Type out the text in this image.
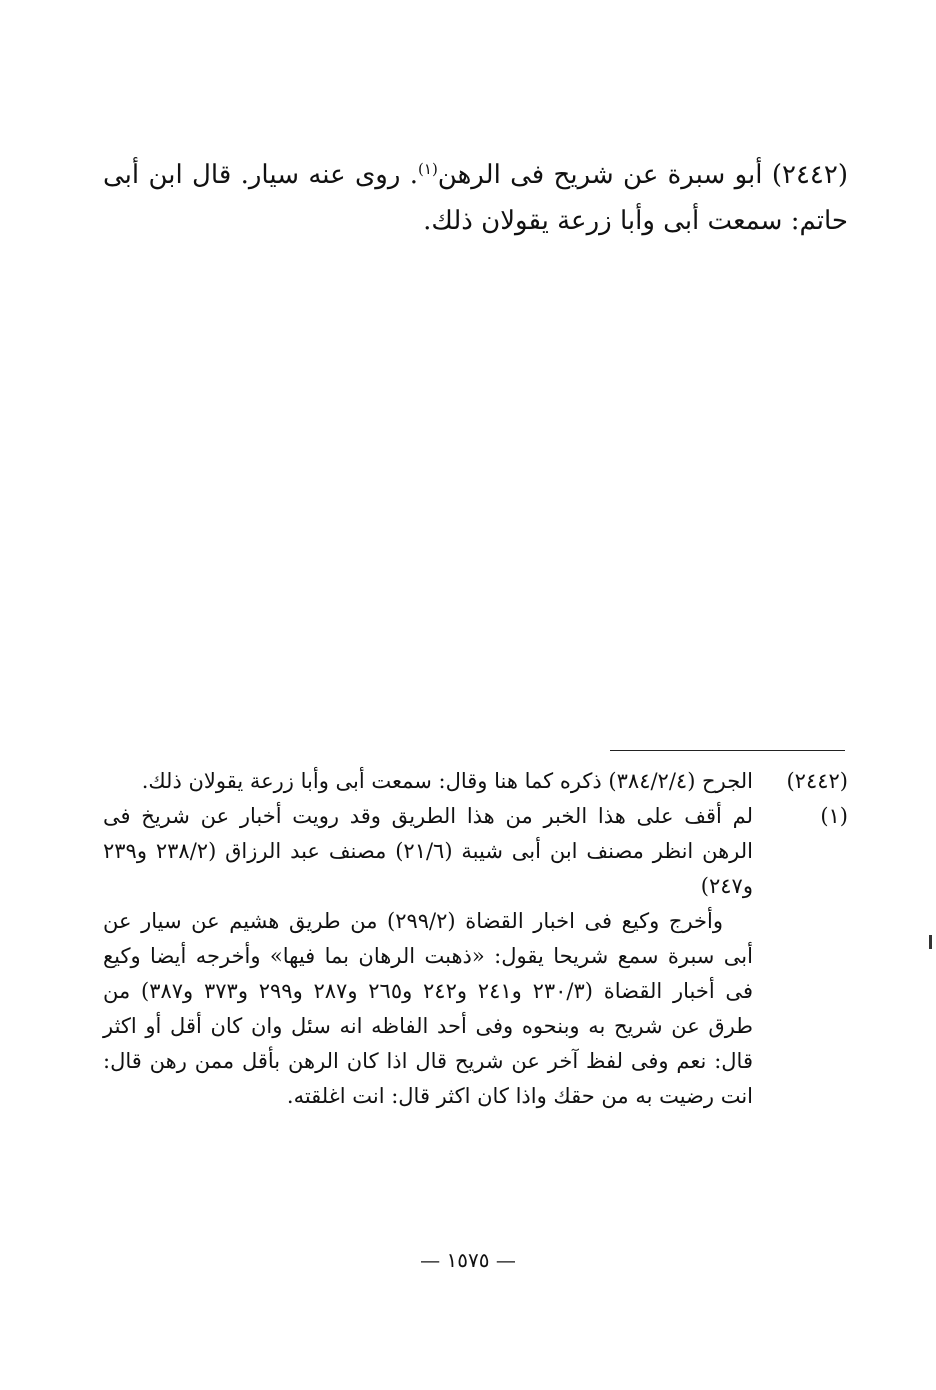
(٢٤٤٢) أبو سبرة عن شريح فى الرهن$^{(١)}$. روى عنه سيار. قال ابن أبى حاتم: سمعت أبى وأبا زرعة يقولان ذلك.

(٢٤٤٢)

الجرح (٣٨٤/٢/٤) ذكره كما هنا وقال: سمعت أبى وأبا زرعة يقولان ذلك.

(١)

لم أقف على هذا الخبر من هذا الطريق وقد رويت أخبار عن شريخ فى الرهن انظر مصنف ابن أبى شيبة (٢١/٦) مصنف عبد الرزاق (٢٣٨/٢ و٢٣٩ و٢٤٧)

وأخرج وكيع فى اخبار القضاة (٢٩٩/٢) من طريق هشيم عن سيار عن أبى سبرة سمع شريحا يقول: «ذهبت الرهان بما فيها» وأخرجه أيضا وكيع فى أخبار القضاة (٢٣٠/٣ و٢٤١ و٢٤٢ و٢٦٥ و٢٨٧ و٢٩٩ و٣٧٣ و٣٨٧) من طرق عن شريح به وبنحوه وفى أحد الفاظه انه سئل وان كان أقل أو اكثر قال: نعم وفى لفظ آخر عن شريح قال اذا كان الرهن بأقل ممن رهن قال: انت رضيت به من حقك واذا كان اكثر قال: انت اغلقته.

— ١٥٧٥ —
